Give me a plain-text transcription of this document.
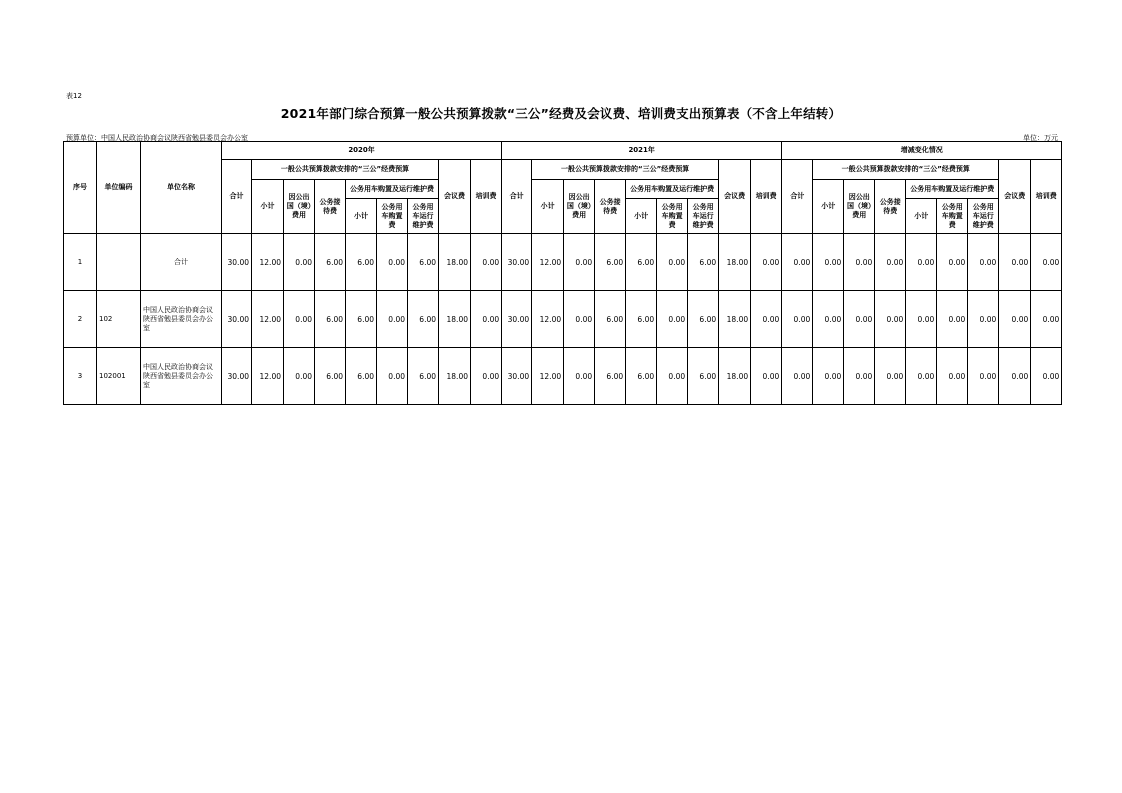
表12
2021年部门综合预算一般公共预算拨款“三公”经费及会议费、培训费支出预算表（不含上年结转）
预算单位：中国人民政治协商会议陕西省勉县委员会办公室	单位：万元
序号	单位编码	单位名称	2020年									2021年									增减变化情况								
			合计	一般公共预算拨款安排的“三公”经费预算						会议费	培训费	合计	一般公共预算拨款安排的“三公”经费预算						会议费	培训费	合计	一般公共预算拨款安排的“三公”经费预算						会议费	培训费
				小计	因公出国（境）费用	公务接待费	公务用车购置及运行维护费						小计	因公出国（境）费用	公务接待费	公务用车购置及运行维护费						小计	因公出国（境）费用	公务接待费	公务用车购置及运行维护费				
							小计	公务用车购置费	公务用车运行维护费							小计	公务用车购置费	公务用车运行维护费							小计	公务用车购置费	公务用车运行维护费		
1		合计	30.00	12.00	0.00	6.00	6.00	0.00	6.00	18.00	0.00	30.00	12.00	0.00	6.00	6.00	0.00	6.00	18.00	0.00	0.00	0.00	0.00	0.00	0.00	0.00	0.00	0.00	0.00
2	102	中国人民政治协商会议陕西省勉县委员会办公室	30.00	12.00	0.00	6.00	6.00	0.00	6.00	18.00	0.00	30.00	12.00	0.00	6.00	6.00	0.00	6.00	18.00	0.00	0.00	0.00	0.00	0.00	0.00	0.00	0.00	0.00	0.00
3	102001	中国人民政治协商会议陕西省勉县委员会办公室	30.00	12.00	0.00	6.00	6.00	0.00	6.00	18.00	0.00	30.00	12.00	0.00	6.00	6.00	0.00	6.00	18.00	0.00	0.00	0.00	0.00	0.00	0.00	0.00	0.00	0.00	0.00
